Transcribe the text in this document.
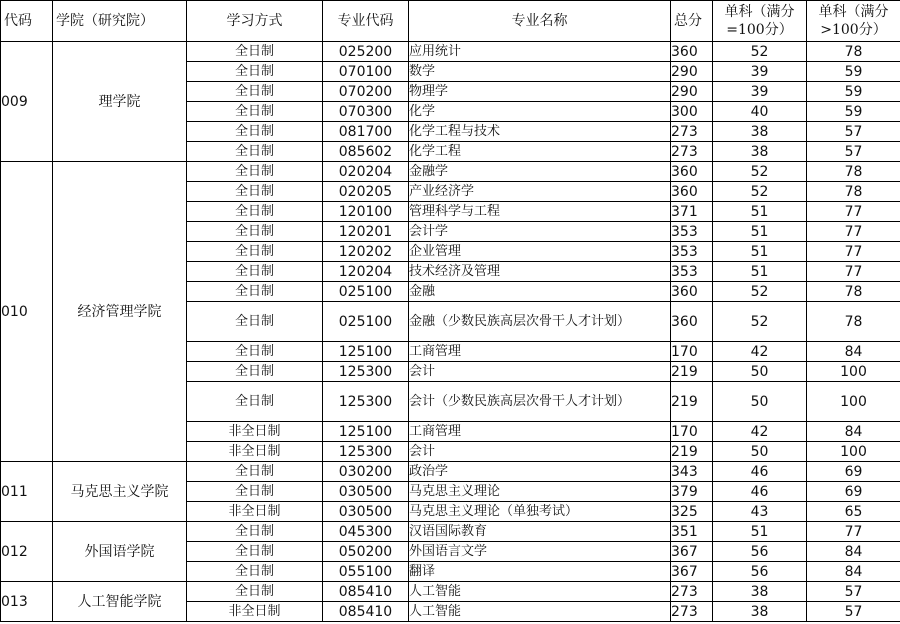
代码	学院（研究院）	学习方式	专业代码	专业名称	总分	单科（满分=100分）	单科（满分>100分）
009	理学院	全日制	025200	应用统计	360	52	78
		全日制	070100	数学	290	39	59
		全日制	070200	物理学	290	39	59
		全日制	070300	化学	300	40	59
		全日制	081700	化学工程与技术	273	38	57
		全日制	085602	化学工程	273	38	57
010	经济管理学院	全日制	020204	金融学	360	52	78
		全日制	020205	产业经济学	360	52	78
		全日制	120100	管理科学与工程	371	51	77
		全日制	120201	会计学	353	51	77
		全日制	120202	企业管理	353	51	77
		全日制	120204	技术经济及管理	353	51	77
		全日制	025100	金融	360	52	78
		全日制	025100	金融（少数民族高层次骨干人才计划）	360	52	78
		全日制	125100	工商管理	170	42	84
		全日制	125300	会计	219	50	100
		全日制	125300	会计（少数民族高层次骨干人才计划）	219	50	100
		非全日制	125100	工商管理	170	42	84
		非全日制	125300	会计	219	50	100
011	马克思主义学院	全日制	030200	政治学	343	46	69
		全日制	030500	马克思主义理论	379	46	69
		非全日制	030500	马克思主义理论（单独考试）	325	43	65
012	外国语学院	全日制	045300	汉语国际教育	351	51	77
		全日制	050200	外国语言文学	367	56	84
		全日制	055100	翻译	367	56	84
013	人工智能学院	全日制	085410	人工智能	273	38	57
		非全日制	085410	人工智能	273	38	57
